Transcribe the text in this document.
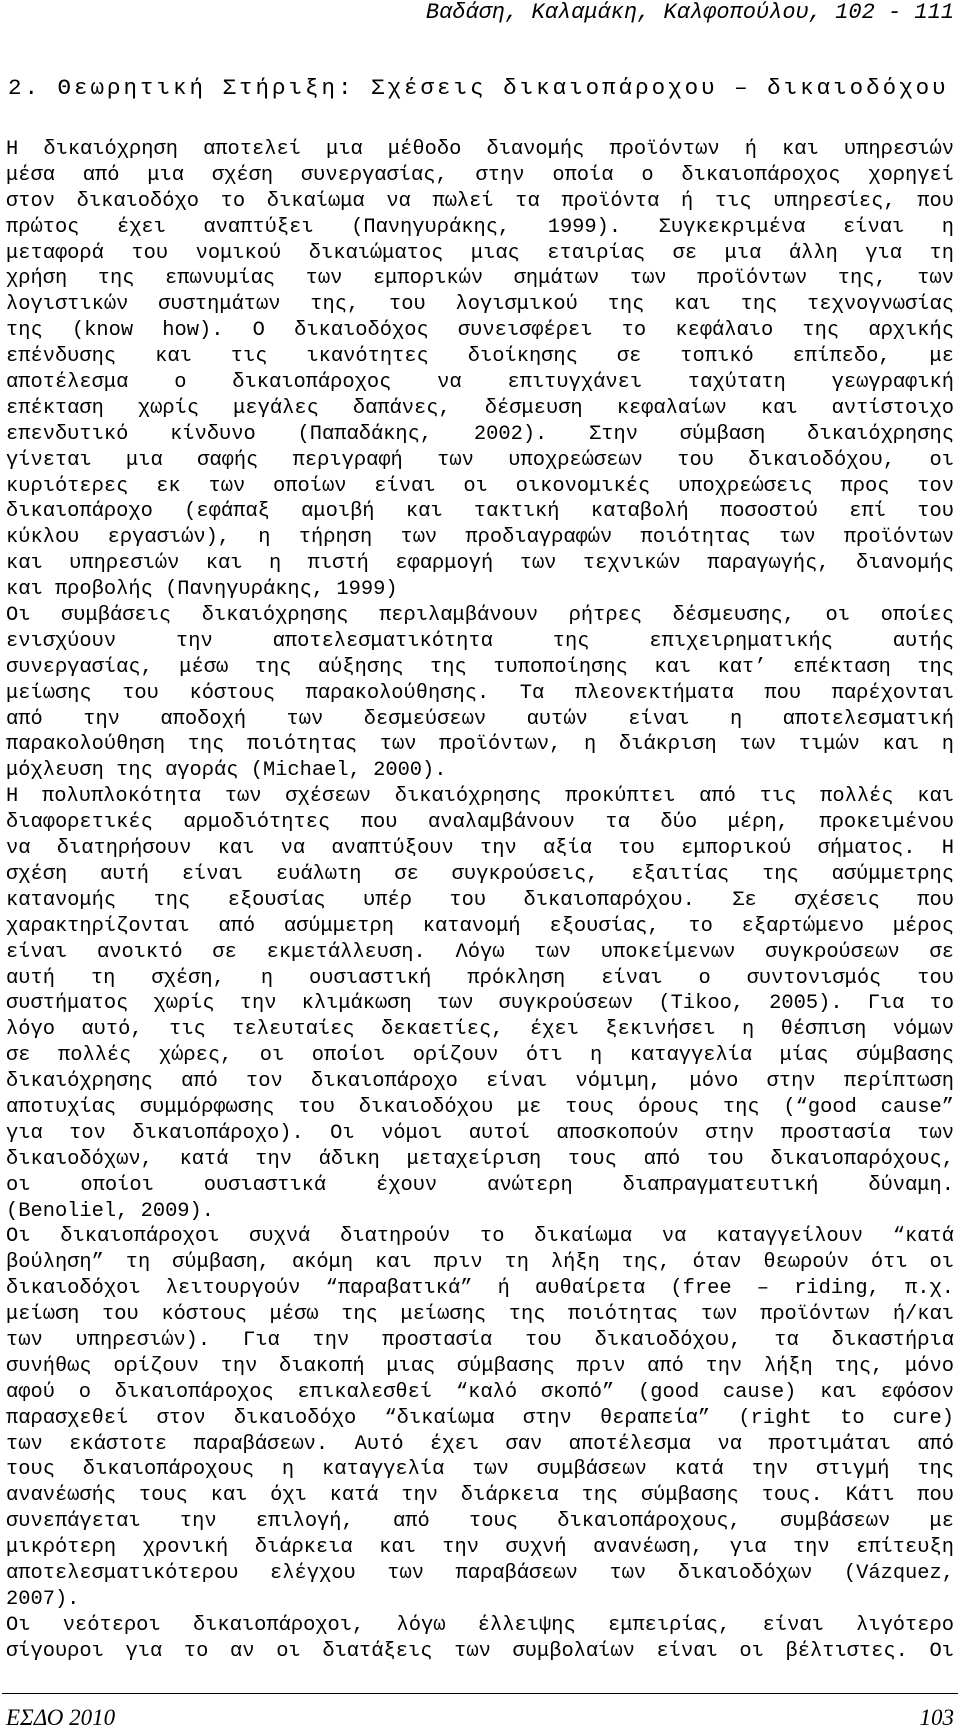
Βαδάση, Καλαμάκη, Καλφοπούλου, 102 - 111
2. Θεωρητική Στήριξη: Σχέσεις δικαιοπάροχου – δικαιοδόχου
Η δικαιόχρηση αποτελεί μια μέθοδο διανομής προϊόντων ή και υπηρεσιών
μέσα από μια σχέση συνεργασίας, στην οποία ο δικαιοπάροχος χορηγεί
στον δικαιοδόχο το δικαίωμα να πωλεί τα προϊόντα ή τις υπηρεσίες, που
πρώτος έχει αναπτύξει (Πανηγυράκης, 1999). Συγκεκριμένα είναι η
μεταφορά του νομικού δικαιώματος μιας εταιρίας σε μια άλλη για τη
χρήση της επωνυμίας των εμπορικών σημάτων των προϊόντων της, των
λογιστικών συστημάτων της, του λογισμικού της και της τεχνογνωσίας
της (know how). Ο δικαιοδόχος συνεισφέρει το κεφάλαιο της αρχικής
επένδυσης και τις ικανότητες διοίκησης σε τοπικό επίπεδο, με
αποτέλεσμα ο δικαιοπάροχος να επιτυγχάνει ταχύτατη γεωγραφική
επέκταση χωρίς μεγάλες δαπάνες, δέσμευση κεφαλαίων και αντίστοιχο
επενδυτικό κίνδυνο (Παπαδάκης, 2002). Στην σύμβαση δικαιόχρησης
γίνεται μια σαφής περιγραφή των υποχρεώσεων του δικαιοδόχου, οι
κυριότερες εκ των οποίων είναι οι οικονομικές υποχρεώσεις προς τον
δικαιοπάροχο (εφάπαξ αμοιβή και τακτική καταβολή ποσοστού επί του
κύκλου εργασιών), η τήρηση των προδιαγραφών ποιότητας των προϊόντων
και υπηρεσιών και η πιστή εφαρμογή των τεχνικών παραγωγής, διανομής
και προβολής (Πανηγυράκης, 1999)
Οι συμβάσεις δικαιόχρησης περιλαμβάνουν ρήτρες δέσμευσης, οι οποίες
ενισχύουν την αποτελεσματικότητα της επιχειρηματικής αυτής
συνεργασίας, μέσω της αύξησης της τυποποίησης και κατ’ επέκταση της
μείωσης του κόστους παρακολούθησης. Τα πλεονεκτήματα που παρέχονται
από την αποδοχή των δεσμεύσεων αυτών είναι η αποτελεσματική
παρακολούθηση της ποιότητας των προϊόντων, η διάκριση των τιμών και η
μόχλευση της αγοράς (Michael, 2000).
Η πολυπλοκότητα των σχέσεων δικαιόχρησης προκύπτει από τις πολλές και
διαφορετικές αρμοδιότητες που αναλαμβάνουν τα δύο μέρη, προκειμένου
να διατηρήσουν και να αναπτύξουν την αξία του εμπορικού σήματος. Η
σχέση αυτή είναι ευάλωτη σε συγκρούσεις, εξαιτίας της ασύμμετρης
κατανομής της εξουσίας υπέρ του δικαιοπαρόχου. Σε σχέσεις που
χαρακτηρίζονται από ασύμμετρη κατανομή εξουσίας, το εξαρτώμενο μέρος
είναι ανοικτό σε εκμετάλλευση. Λόγω των υποκείμενων συγκρούσεων σε
αυτή τη σχέση, η ουσιαστική πρόκληση είναι ο συντονισμός του
συστήματος χωρίς την κλιμάκωση των συγκρούσεων (Tikoo, 2005). Για το
λόγο αυτό, τις τελευταίες δεκαετίες, έχει ξεκινήσει η θέσπιση νόμων
σε πολλές χώρες, οι οποίοι ορίζουν ότι η καταγγελία μίας σύμβασης
δικαιόχρησης από τον δικαιοπάροχο είναι νόμιμη, μόνο στην περίπτωση
αποτυχίας συμμόρφωσης του δικαιοδόχου με τους όρους της (“good cause”
για τον δικαιοπάροχο). Οι νόμοι αυτοί αποσκοπούν στην προστασία των
δικαιοδόχων, κατά την άδικη μεταχείριση τους από του δικαιοπαρόχους,
οι οποίοι ουσιαστικά έχουν ανώτερη διαπραγματευτική δύναμη.
(Benoliel, 2009).
Οι δικαιοπάροχοι συχνά διατηρούν το δικαίωμα να καταγγείλουν “κατά
βούληση” τη σύμβαση, ακόμη και πριν τη λήξη της, όταν θεωρούν ότι οι
δικαιοδόχοι λειτουργούν “παραβατικά” ή αυθαίρετα (free – riding, π.χ.
μείωση του κόστους μέσω της μείωσης της ποιότητας των προϊόντων ή/και
των υπηρεσιών). Για την προστασία του δικαιοδόχου, τα δικαστήρια
συνήθως ορίζουν την διακοπή μιας σύμβασης πριν από την λήξη της, μόνο
αφού ο δικαιοπάροχος επικαλεσθεί “καλό σκοπό” (good cause) και εφόσον
παρασχεθεί στον δικαιοδόχο “δικαίωμα στην θεραπεία” (right to cure)
των εκάστοτε παραβάσεων. Αυτό έχει σαν αποτέλεσμα να προτιμάται από
τους δικαιοπάροχους η καταγγελία των συμβάσεων κατά την στιγμή της
ανανέωσής τους και όχι κατά την διάρκεια της σύμβασης τους. Κάτι που
συνεπάγεται την επιλογή, από τους δικαιοπάροχους, συμβάσεων με
μικρότερη χρονική διάρκεια και την συχνή ανανέωση, για την επίτευξη
αποτελεσματικότερου ελέγχου των παραβάσεων των δικαιοδόχων (Vázquez,
2007).
Οι νεότεροι δικαιοπάροχοι, λόγω έλλειψης εμπειρίας, είναι λιγότερο
σίγουροι για το αν οι διατάξεις των συμβολαίων είναι οι βέλτιστες. Οι
ΕΣΔΟ 2010	103
